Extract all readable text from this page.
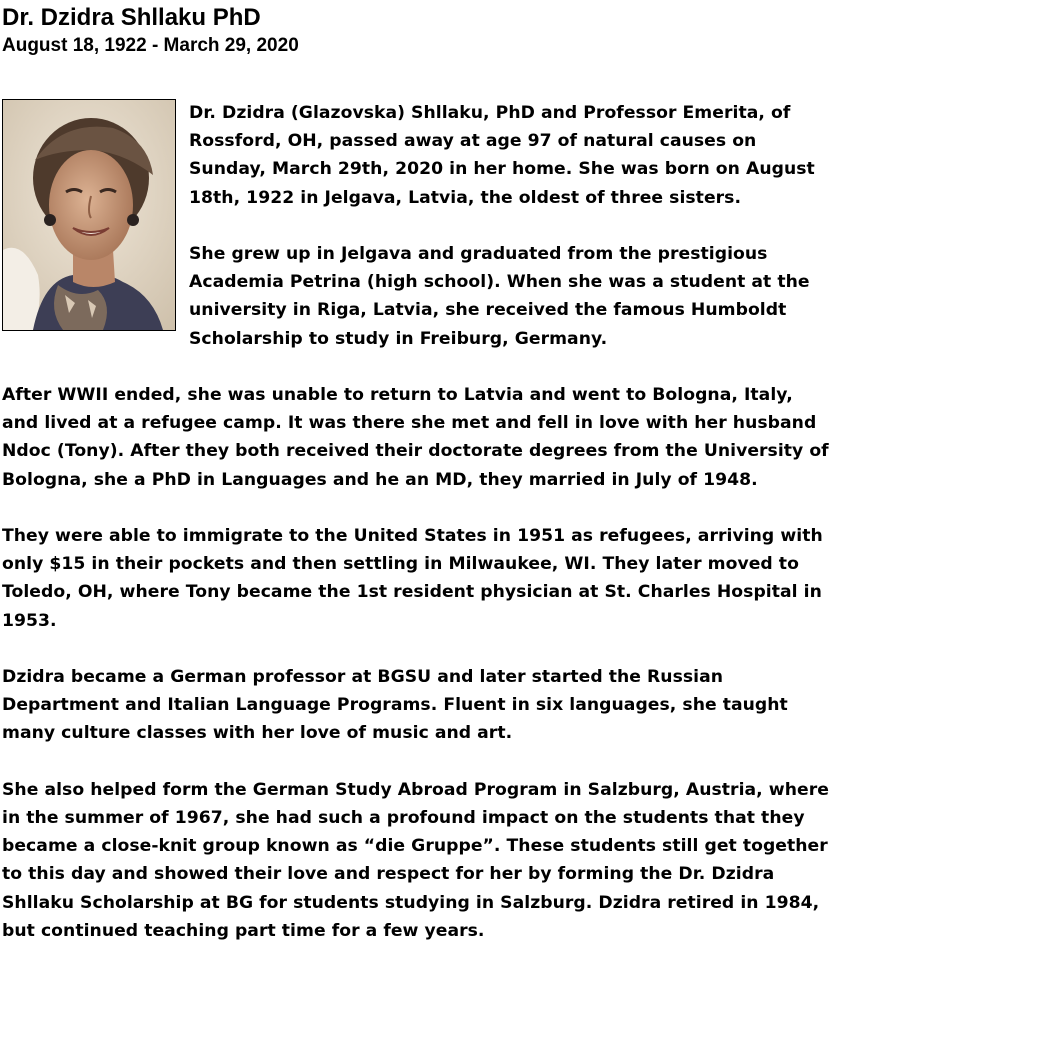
Dr. Dzidra Shllaku PhD
August 18, 1922 - March 29, 2020

Dr. Dzidra (Glazovska) Shllaku, PhD and Professor Emerita, of Rossford, OH, passed away at age 97 of natural causes on Sunday, March 29th, 2020 in her home. She was born on August 18th, 1922 in Jelgava, Latvia, the oldest of three sisters.

She grew up in Jelgava and graduated from the prestigious Academia Petrina (high school). When she was a student at the university in Riga, Latvia, she received the famous Humboldt Scholarship to study in Freiburg, Germany.

After WWII ended, she was unable to return to Latvia and went to Bologna, Italy, and lived at a refugee camp. It was there she met and fell in love with her husband Ndoc (Tony). After they both received their doctorate degrees from the University of Bologna, she a PhD in Languages and he an MD, they married in July of 1948.

They were able to immigrate to the United States in 1951 as refugees, arriving with only $15 in their pockets and then settling in Milwaukee, WI. They later moved to Toledo, OH, where Tony became the 1st resident physician at St. Charles Hospital in 1953.

Dzidra became a German professor at BGSU and later started the Russian Department and Italian Language Programs. Fluent in six languages, she taught many culture classes with her love of music and art.

She also helped form the German Study Abroad Program in Salzburg, Austria, where in the summer of 1967, she had such a profound impact on the students that they became a close-knit group known as “die Gruppe”. These students still get together to this day and showed their love and respect for her by forming the Dr. Dzidra Shllaku Scholarship at BG for students studying in Salzburg. Dzidra retired in 1984, but continued teaching part time for a few years.
